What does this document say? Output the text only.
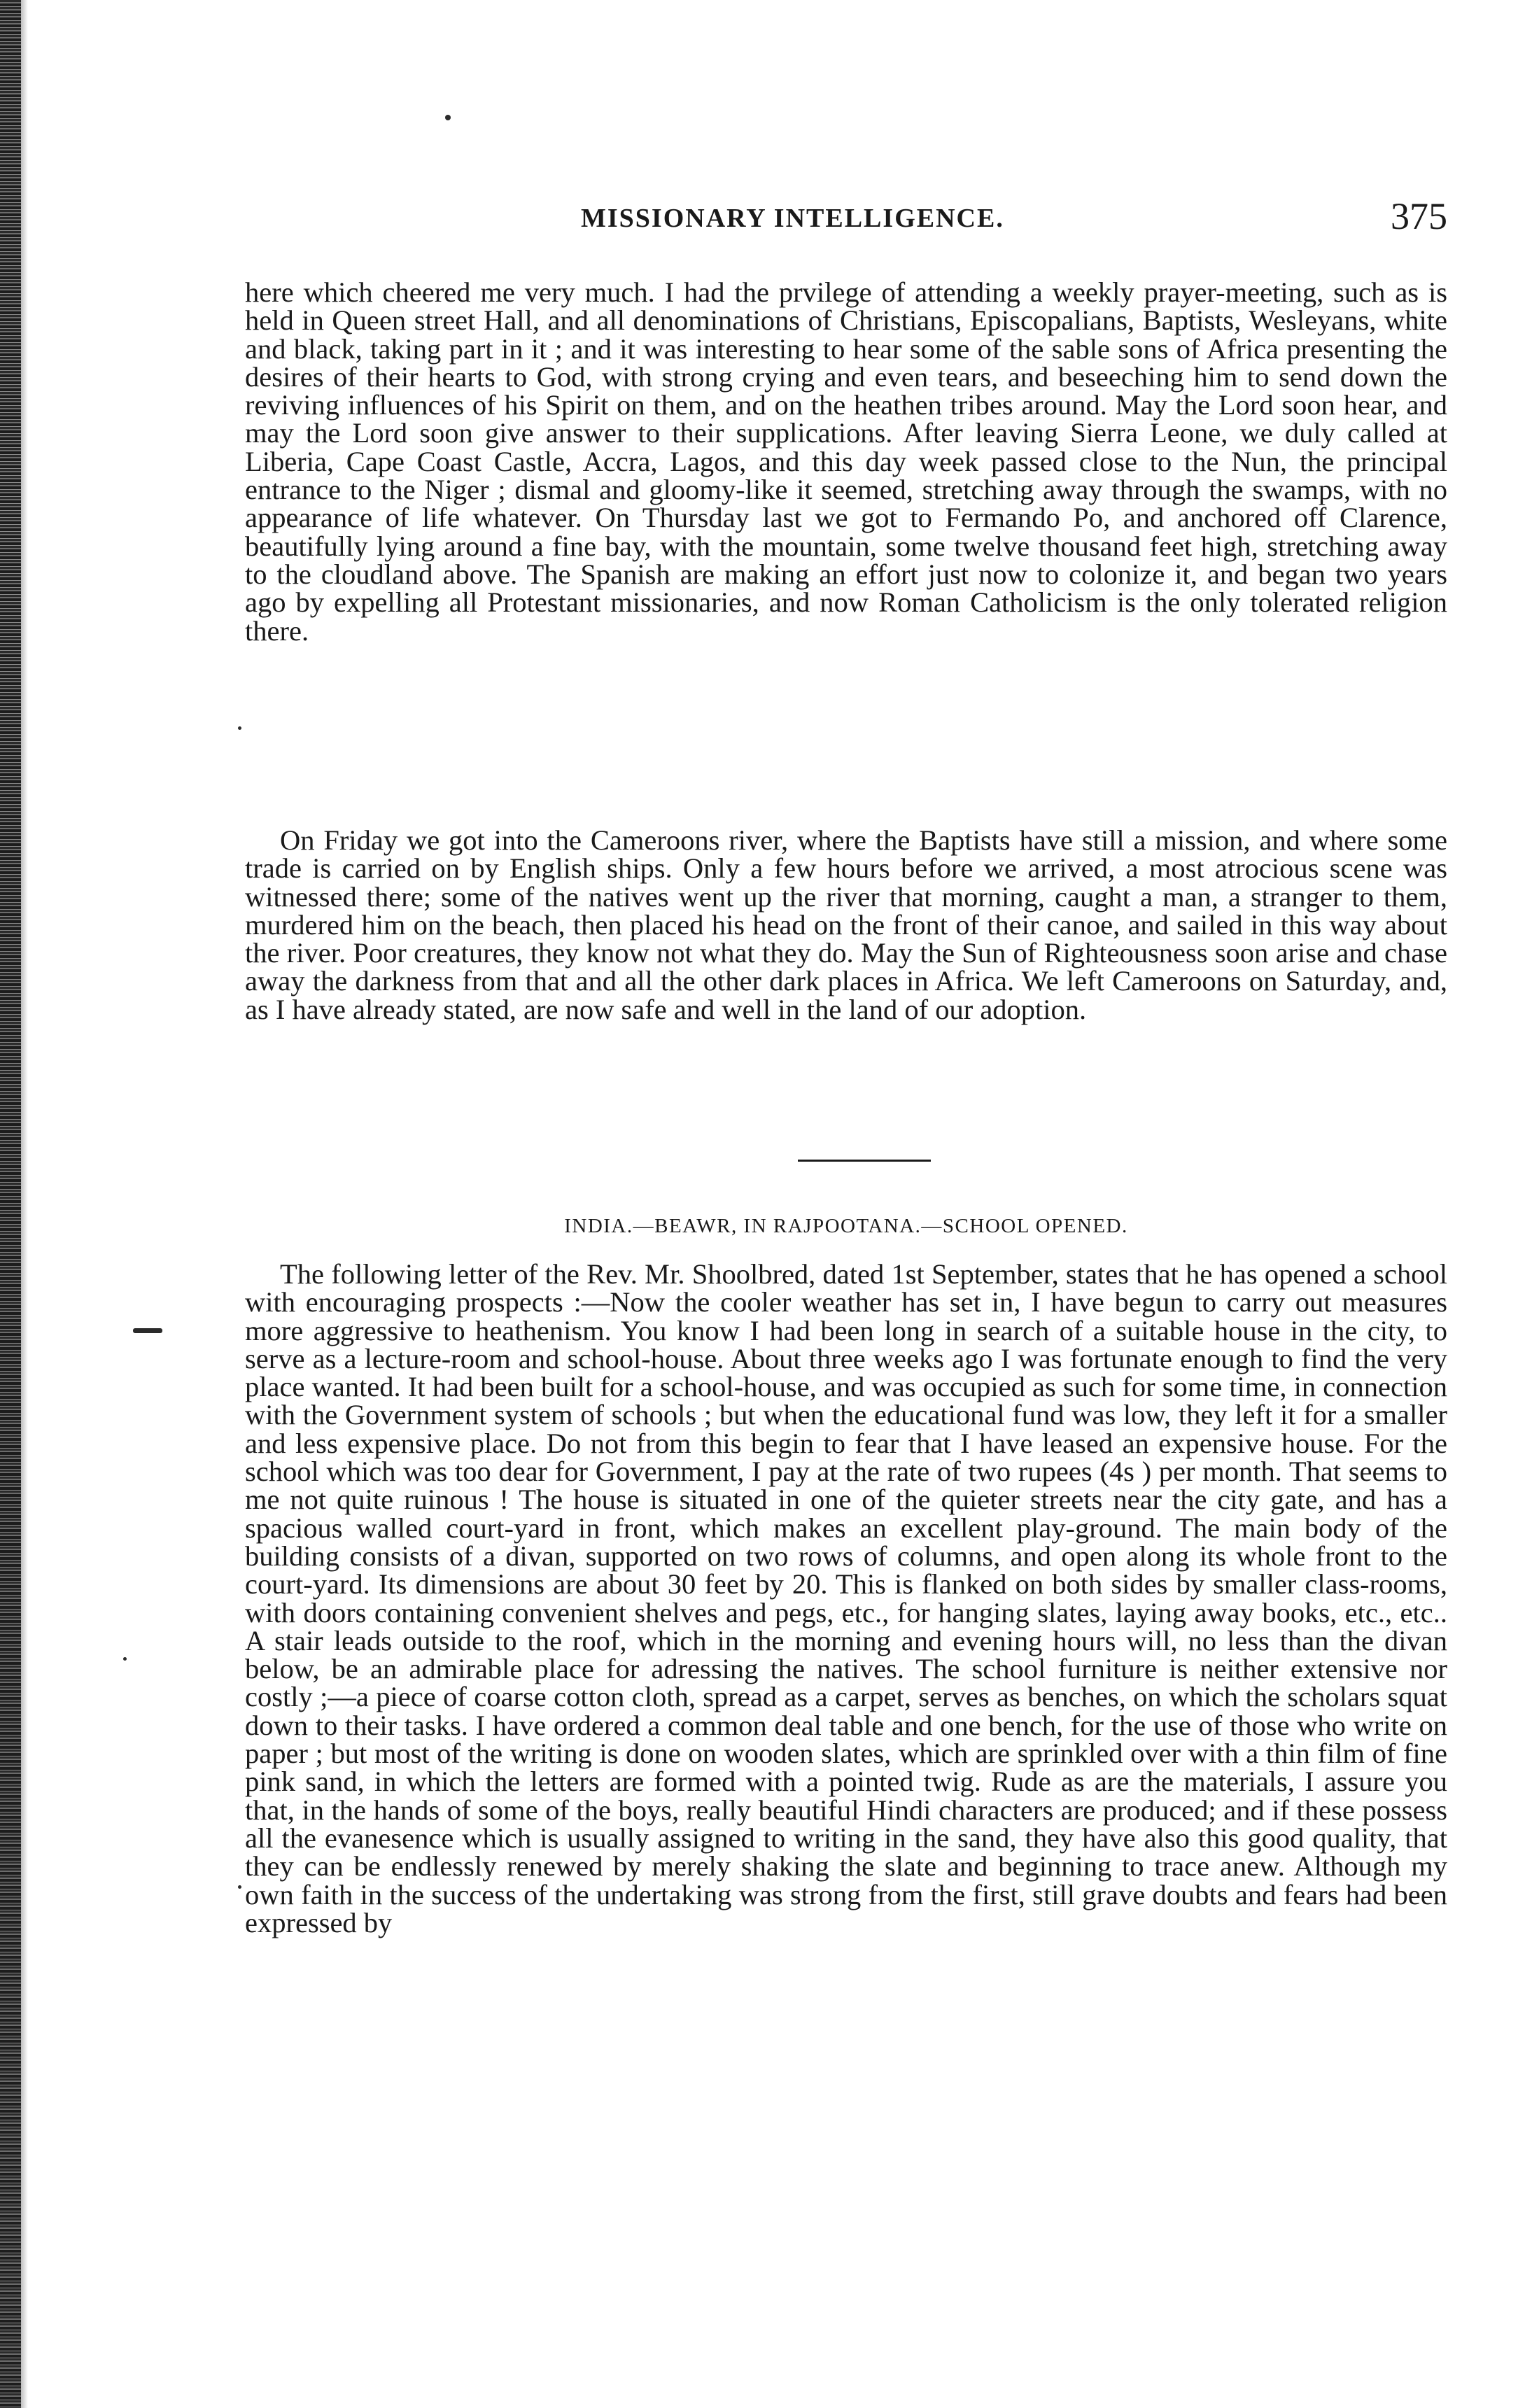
MISSIONARY INTELLIGENCE.	375

here which cheered me very much. I had the prvilege of attending a weekly prayer-meeting, such as is held in Queen street Hall, and all denominations of Christians, Episcopalians, Baptists, Wesleyans, white and black, taking part in it ; and it was interesting to hear some of the sable sons of Africa presenting the desires of their hearts to God, with strong crying and even tears, and beseeching him to send down the reviving influences of his Spirit on them, and on the heathen tribes around. May the Lord soon hear, and may the Lord soon give answer to their supplications. After leaving Sierra Leone, we duly called at Liberia, Cape Coast Castle, Accra, Lagos, and this day week passed close to the Nun, the principal entrance to the Niger ; dismal and gloomy-like it seemed, stretching away through the swamps, with no appearance of life whatever. On Thursday last we got to Fermando Po, and anchored off Clarence, beautifully lying around a fine bay, with the mountain, some twelve thousand feet high, stretching away to the cloudland above. The Spanish are making an effort just now to colonize it, and began two years ago by expelling all Protestant missionaries, and now Roman Catholicism is the only tolerated religion there.

On Friday we got into the Cameroons river, where the Baptists have still a mission, and where some trade is carried on by English ships. Only a few hours before we arrived, a most atrocious scene was witnessed there; some of the natives went up the river that morning, caught a man, a stranger to them, murdered him on the beach, then placed his head on the front of their canoe, and sailed in this way about the river. Poor creatures, they know not what they do. May the Sun of Righteousness soon arise and chase away the darkness from that and all the other dark places in Africa. We left Cameroons on Saturday, and, as I have already stated, are now safe and well in the land of our adoption.

INDIA.—BEAWR, IN RAJPOOTANA.—SCHOOL OPENED.

The following letter of the Rev. Mr. Shoolbred, dated 1st September, states that he has opened a school with encouraging prospects :—Now the cooler weather has set in, I have begun to carry out measures more aggressive to heathenism. You know I had been long in search of a suitable house in the city, to serve as a lecture-room and school-house. About three weeks ago I was fortunate enough to find the very place wanted. It had been built for a school-house, and was occupied as such for some time, in connection with the Government system of schools ; but when the educational fund was low, they left it for a smaller and less expensive place. Do not from this begin to fear that I have leased an expensive house. For the school which was too dear for Government, I pay at the rate of two rupees (4s ) per month. That seems to me not quite ruinous ! The house is situated in one of the quieter streets near the city gate, and has a spacious walled court-yard in front, which makes an excellent play-ground. The main body of the building consists of a divan, supported on two rows of columns, and open along its whole front to the court-yard. Its dimensions are about 30 feet by 20. This is flanked on both sides by smaller class-rooms, with doors containing convenient shelves and pegs, etc., for hanging slates, laying away books, etc., etc.. A stair leads outside to the roof, which in the morning and evening hours will, no less than the divan below, be an admirable place for adressing the natives. The school furniture is neither extensive nor costly ;—a piece of coarse cotton cloth, spread as a carpet, serves as benches, on which the scholars squat down to their tasks. I have ordered a common deal table and one bench, for the use of those who write on paper ; but most of the writing is done on wooden slates, which are sprinkled over with a thin film of fine pink sand, in which the letters are formed with a pointed twig. Rude as are the materials, I assure you that, in the hands of some of the boys, really beautiful Hindi characters are produced; and if these possess all the evanesence which is usually assigned to writing in the sand, they have also this good quality, that they can be endlessly renewed by merely shaking the slate and beginning to trace anew. Although my own faith in the success of the undertaking was strong from the first, still grave doubts and fears had been expressed by
